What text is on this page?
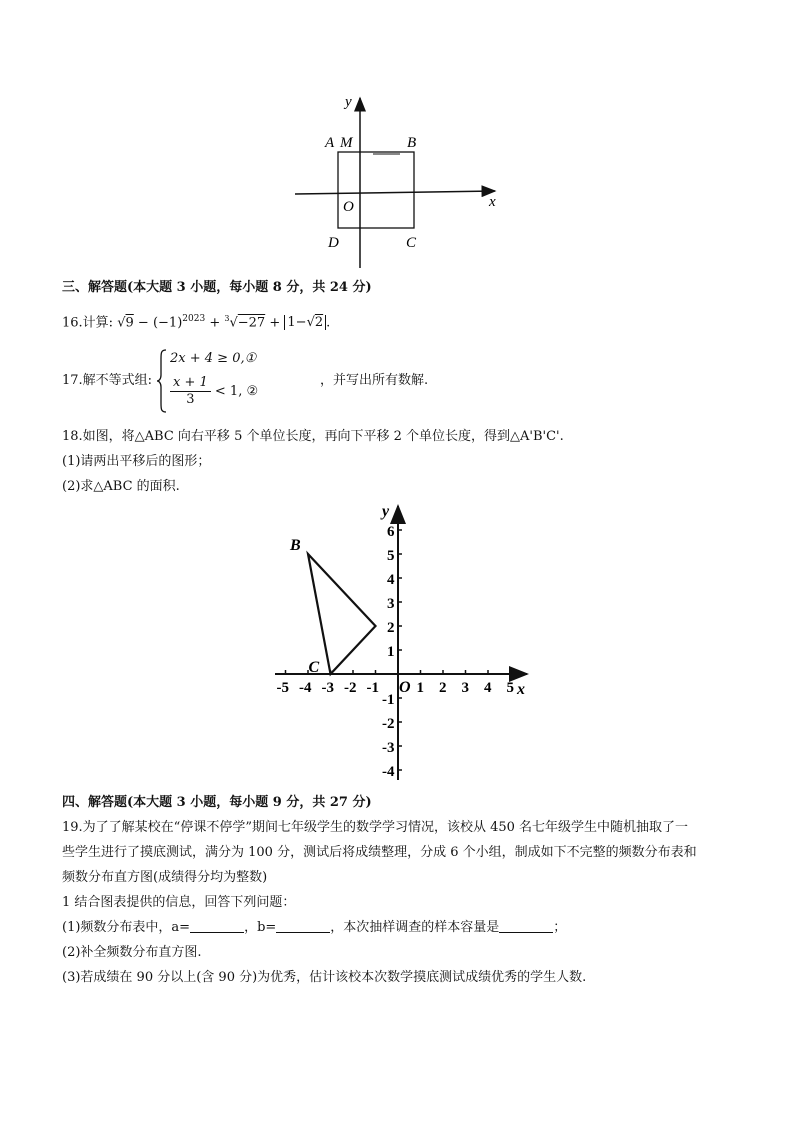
y
x
A M	B
O
D	C
三、解答题(本大题 3 小题，每小题 8 分，共 24 分)
16.计算: $√9 - (-1)^{2023} + ^3√-27 + 1-√2$ .
17.解不等式组:
2x + 4 ≥ 0,①
$\frac{x + 1}{3} < 1$, ②
，并写出所有数解.
18.如图，将△ABC 向右平移 5 个单位长度，再向下平移 2 个单位长度，得到△A'B'C'.
(1)请两出平移后的图形；
(2)求△ABC 的面积.
x
y
O
-5 -4 -3 -2 -1	1 2 3 4 5
6
5
4
3
2
1
-1
-2
-3
-4
B
C
四、解答题(本大题 3 小题，每小题 9 分，共 27 分)
19.为了了解某校在“停课不停学”期间七年级学生的数学学习情况，该校从 450 名七年级学生中随机抽取了一
些学生进行了摸底测试，满分为 100 分，测试后将成绩整理，分成 6 个小组，制成如下不完整的频数分布表和
频数分布直方图(成绩得分均为整数)
1 结合图表提供的信息，回答下列问题：
(1)频数分布表中，a=	，b=	，本次抽样调查的样本容量是	；
(2)补全频数分布直方图.
(3)若成绩在 90 分以上(含 90 分)为优秀，估计该校本次数学摸底测试成绩优秀的学生人数.
